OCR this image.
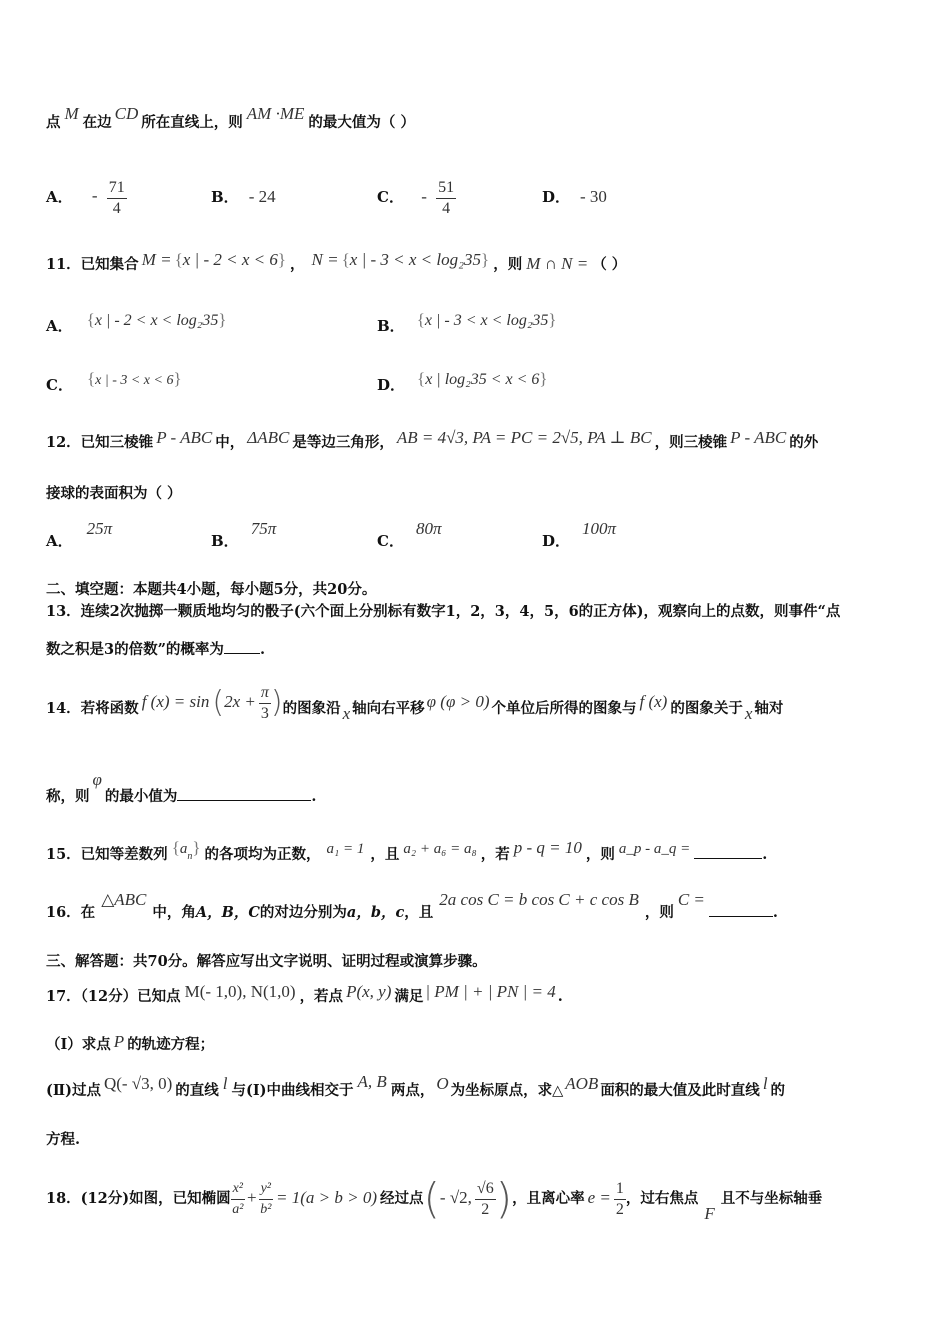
点 M 在边 CD 所在直线上，则 AM ·ME 的最大值为（ ）
A． - $\frac{71}{4}$	B． - 24	C． - $\frac{51}{4}$	D． - 30
11．已知集合 M = {x | - 2 < x < 6} ， N = {x | - 3 < x < log₂35} ，则 M ∩ N = （ ）
A． {x | - 2 < x < log₂35}	B． {x | - 3 < x < log₂35}
C． {x | - 3 < x < 6}	D． {x | log₂35 < x < 6}
12．已知三棱锥 P - ABC 中， ΔABC 是等边三角形， AB = 4√3, PA = PC = 2√5, PA ⊥ BC ，则三棱锥 P - ABC 的外
接球的表面积为（ ）
A．25π
B．75π
C．80π
D．100π
二、填空题：本题共4小题，每小题5分，共20分。
13．连续2次抛掷一颗质地均匀的骰子(六个面上分别标有数字1，2，3，4，5，6的正方体)，观察向上的点数，则事件“点
数之积是3的倍数”的概率为 .
14．若将函数 f $(x) = \sin (2x + \frac{\pi}{3}$ )的图象沿 x 轴向右平移 φ (φ > 0) 个单位后所得的图象与 f (x) 的图象关于 x 轴对
称，则φ的最小值为	.
15．已知等差数列 $\{a_n\}$ 的各项均为正数， a₁ = 1 ，且 a₂ + a₆ = a₈ ，若 p - q = 10 ，则 a_p - a_q =	.
16．在△ABC中，角A，B，C的对边分别为a，b，c，且2a cos C = b cos C + c cos B，则C =.
三、解答题：共70分。解答应写出文字说明、证明过程或演算步骤。
17．（12分）已知点 M(- 1,0), N(1,0) ，若点 P(x, y) 满足 | PM | + | PN | = 4 .
（Ⅰ）求点 P 的轨迹方程；
(Ⅱ)过点 Q(- √3, 0) 的直线 l 与(Ⅰ)中曲线相交于 A, B 两点， O 为坐标原点，求△ AOB 面积的最大值及此时直线 l 的
方程.
18．(12分)如图，已知椭圆 $\frac{\text{x²}}{\text{a²}} + \frac{\text{y²}}{\text{b²}} = 1(a > b > 0)$ 经过点(- √2, $\frac{√6}{2}$ )，且离心率 $e = \frac{1}{2}$ ，过右焦点F且不与坐标轴垂
